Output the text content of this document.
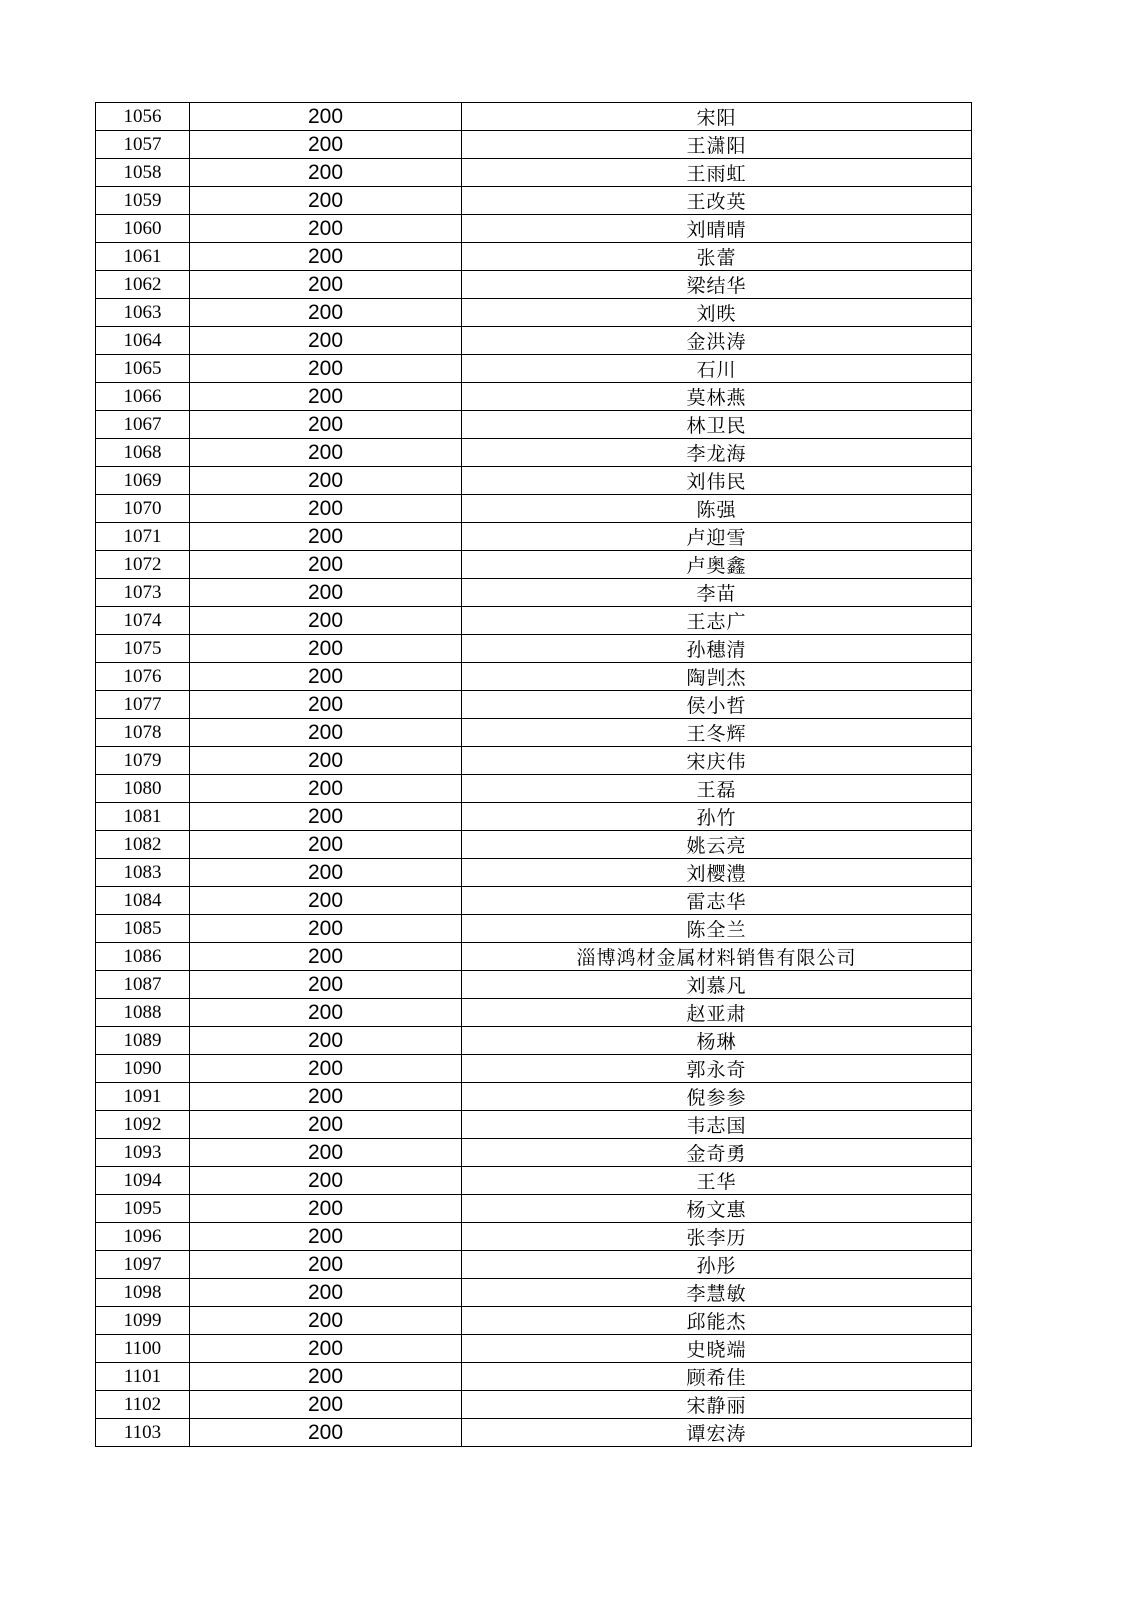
1056	200	宋阳
1057	200	王潇阳
1058	200	王雨虹
1059	200	王改英
1060	200	刘晴晴
1061	200	张蕾
1062	200	梁结华
1063	200	刘昳
1064	200	金洪涛
1065	200	石川
1066	200	莫林燕
1067	200	林卫民
1068	200	李龙海
1069	200	刘伟民
1070	200	陈强
1071	200	卢迎雪
1072	200	卢奥鑫
1073	200	李苗
1074	200	王志广
1075	200	孙穗清
1076	200	陶剀杰
1077	200	侯小哲
1078	200	王冬辉
1079	200	宋庆伟
1080	200	王磊
1081	200	孙竹
1082	200	姚云亮
1083	200	刘樱澧
1084	200	雷志华
1085	200	陈全兰
1086	200	淄博鸿材金属材料销售有限公司
1087	200	刘慕凡
1088	200	赵亚肃
1089	200	杨琳
1090	200	郭永奇
1091	200	倪参参
1092	200	韦志国
1093	200	金奇勇
1094	200	王华
1095	200	杨文惠
1096	200	张李历
1097	200	孙彤
1098	200	李慧敏
1099	200	邱能杰
1100	200	史晓端
1101	200	顾希佳
1102	200	宋静丽
1103	200	谭宏涛
